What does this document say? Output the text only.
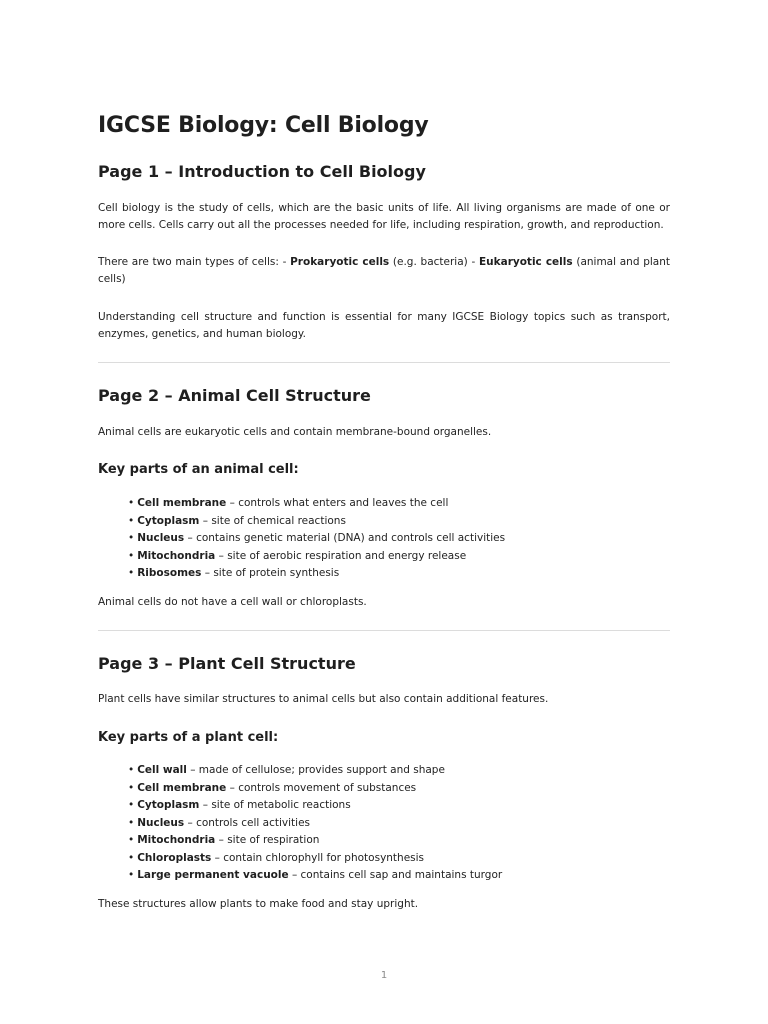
IGCSE Biology: Cell Biology
Page 1 – Introduction to Cell Biology

Cell biology is the study of cells, which are the basic units of life. All living organisms are made of one or more cells. Cells carry out all the processes needed for life, including respiration, growth, and reproduction.

There are two main types of cells: - Prokaryotic cells (e.g. bacteria) - Eukaryotic cells (animal and plant cells)

Understanding cell structure and function is essential for many IGCSE Biology topics such as transport, enzymes, genetics, and human biology.

Page 2 – Animal Cell Structure

Animal cells are eukaryotic cells and contain membrane-bound organelles.

Key parts of an animal cell:
• Cell membrane – controls what enters and leaves the cell
• Cytoplasm – site of chemical reactions
• Nucleus – contains genetic material (DNA) and controls cell activities
• Mitochondria – site of aerobic respiration and energy release
• Ribosomes – site of protein synthesis

Animal cells do not have a cell wall or chloroplasts.

Page 3 – Plant Cell Structure

Plant cells have similar structures to animal cells but also contain additional features.

Key parts of a plant cell:
• Cell wall – made of cellulose; provides support and shape
• Cell membrane – controls movement of substances
• Cytoplasm – site of metabolic reactions
• Nucleus – controls cell activities
• Mitochondria – site of respiration
• Chloroplasts – contain chlorophyll for photosynthesis
• Large permanent vacuole – contains cell sap and maintains turgor

These structures allow plants to make food and stay upright.

1
